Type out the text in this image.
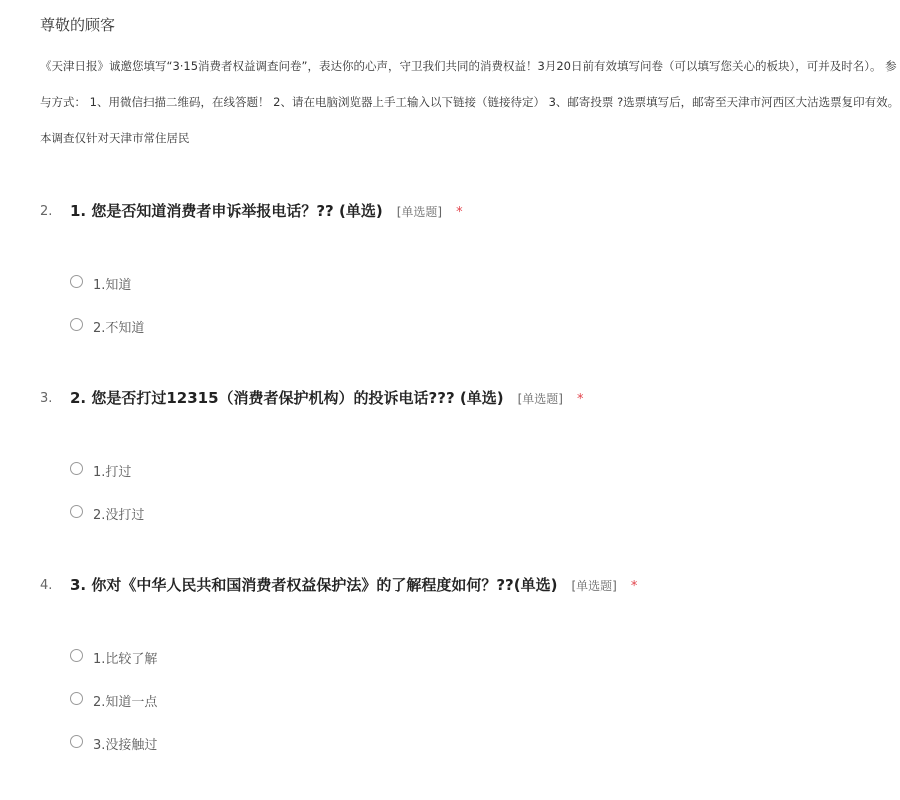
尊敬的顾客

《天津日报》诚邀您填写“3·15消费者权益调查问卷”，表达你的心声，守卫我们共同的消费权益！3月20日前有效填写问卷（可以填写您关心的板块），可并及时名）。 参与方式： 1、用微信扫描二维码，在线答题！ 2、请在电脑浏览器上手工输入以下链接（链接待定） 3、邮寄投票 ?选票填写后，邮寄至天津市河西区大沽选票复印有效。 本调查仅针对天津市常住居民

2. 1. 您是否知道消费者申诉举报电话？?? (单选) [单选题] *
1.知道
2.不知道
3. 2. 您是否打过12315（消费者保护机构）的投诉电话??? (单选) [单选题] *
1.打过
2.没打过
4. 3. 你对《中华人民共和国消费者权益保护法》的了解程度如何？??(单选) [单选题] *
1.比较了解
2.知道一点
3.没接触过
